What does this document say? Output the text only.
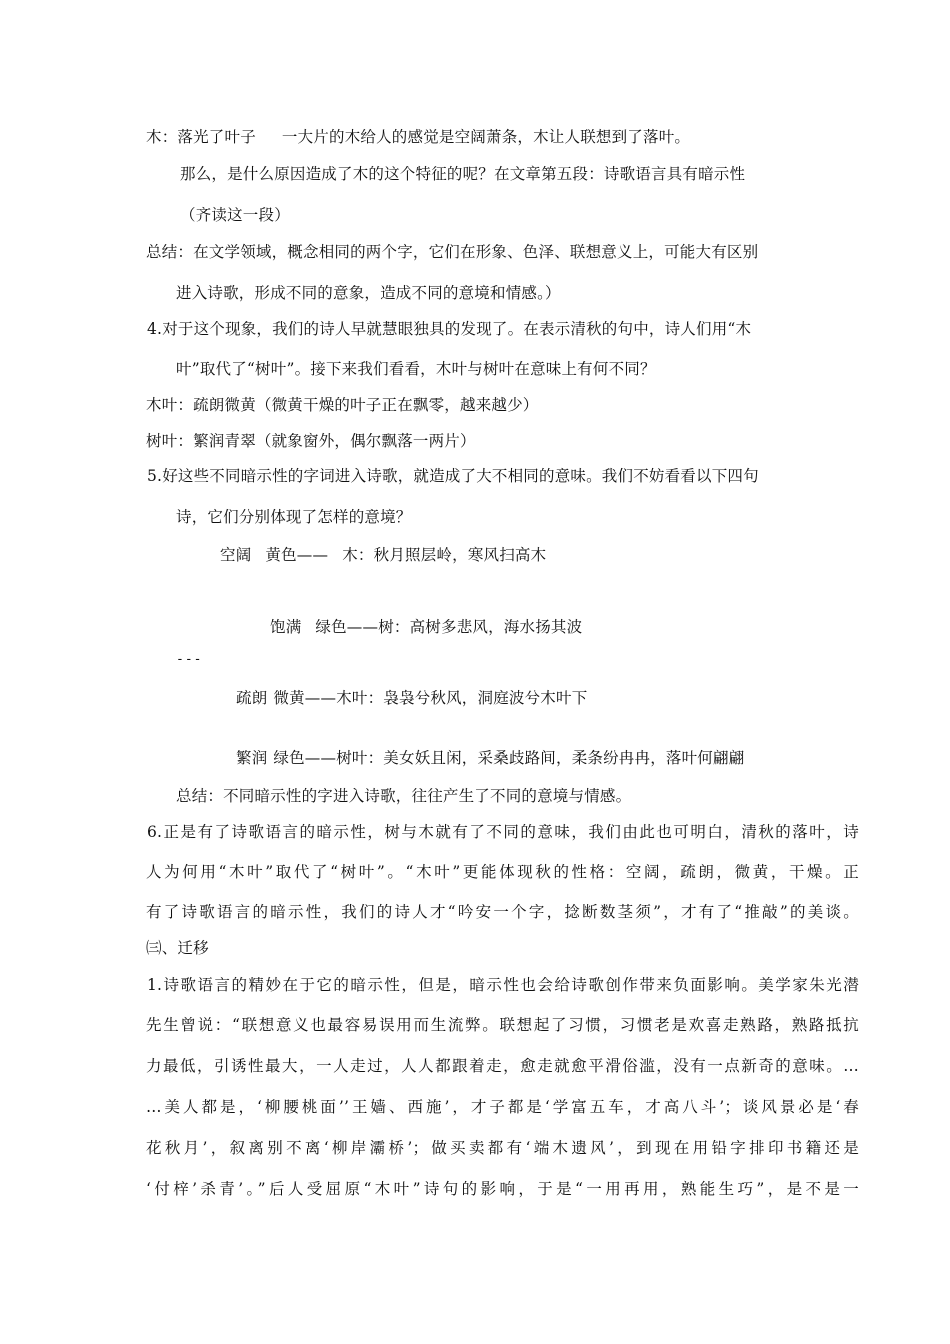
木：落光了叶子 一大片的木给人的感觉是空阔萧条，木让人联想到了落叶。
那么，是什么原因造成了木的这个特征的呢？在文章第五段：诗歌语言具有暗示性
（齐读这一段）
总结：在文学领域，概念相同的两个字，它们在形象、色泽、联想意义上，可能大有区别
进入诗歌，形成不同的意象，造成不同的意境和情感。）
4.对于这个现象，我们的诗人早就慧眼独具的发现了。在表示清秋的句中，诗人们用“木
叶”取代了“树叶”。接下来我们看看，木叶与树叶在意味上有何不同？
木叶：疏朗微黄（微黄干燥的叶子正在飘零，越来越少）
树叶：繁润青翠（就象窗外，偶尔飘落一两片）
5.好这些不同暗示性的字词进入诗歌，就造成了大不相同的意味。我们不妨看看以下四句
诗，它们分别体现了怎样的意境？
空阔 黄色—— 木：秋月照层岭，寒风扫高木
饱满 绿色——树：高树多悲风，海水扬其波
---
疏朗 微黄——木叶：袅袅兮秋风，洞庭波兮木叶下
繁润 绿色——树叶：美女妖且闲，采桑歧路间，柔条纷冉冉，落叶何翩翩
总结：不同暗示性的字进入诗歌，往往产生了不同的意境与情感。
6.正是有了诗歌语言的暗示性，树与木就有了不同的意味，我们由此也可明白，清秋的落叶，诗
人为何用“木叶”取代了“树叶”。“木叶”更能体现秋的性格：空阔，疏朗，微黄，干燥。正
有了诗歌语言的暗示性，我们的诗人才“吟安一个字，捻断数茎须”，才有了“推敲”的美谈。
㈢、迁移
1.诗歌语言的精妙在于它的暗示性，但是，暗示性也会给诗歌创作带来负面影响。美学家朱光潜
先生曾说：“联想意义也最容易误用而生流弊。联想起了习惯，习惯老是欢喜走熟路，熟路抵抗
力最低，引诱性最大，一人走过，人人都跟着走，愈走就愈平滑俗滥，没有一点新奇的意味。…
…美人都是，‘柳腰桃面’’王嫱、西施’，才子都是‘学富五车，才高八斗’；谈风景必是‘春
花秋月’，叙离别不离‘柳岸灞桥’；做买卖都有‘端木遗风’，到现在用铅字排印书籍还是
‘付梓’杀青’。”后人受屈原“木叶”诗句的影响，于是“一用再用，熟能生巧”，是不是一
